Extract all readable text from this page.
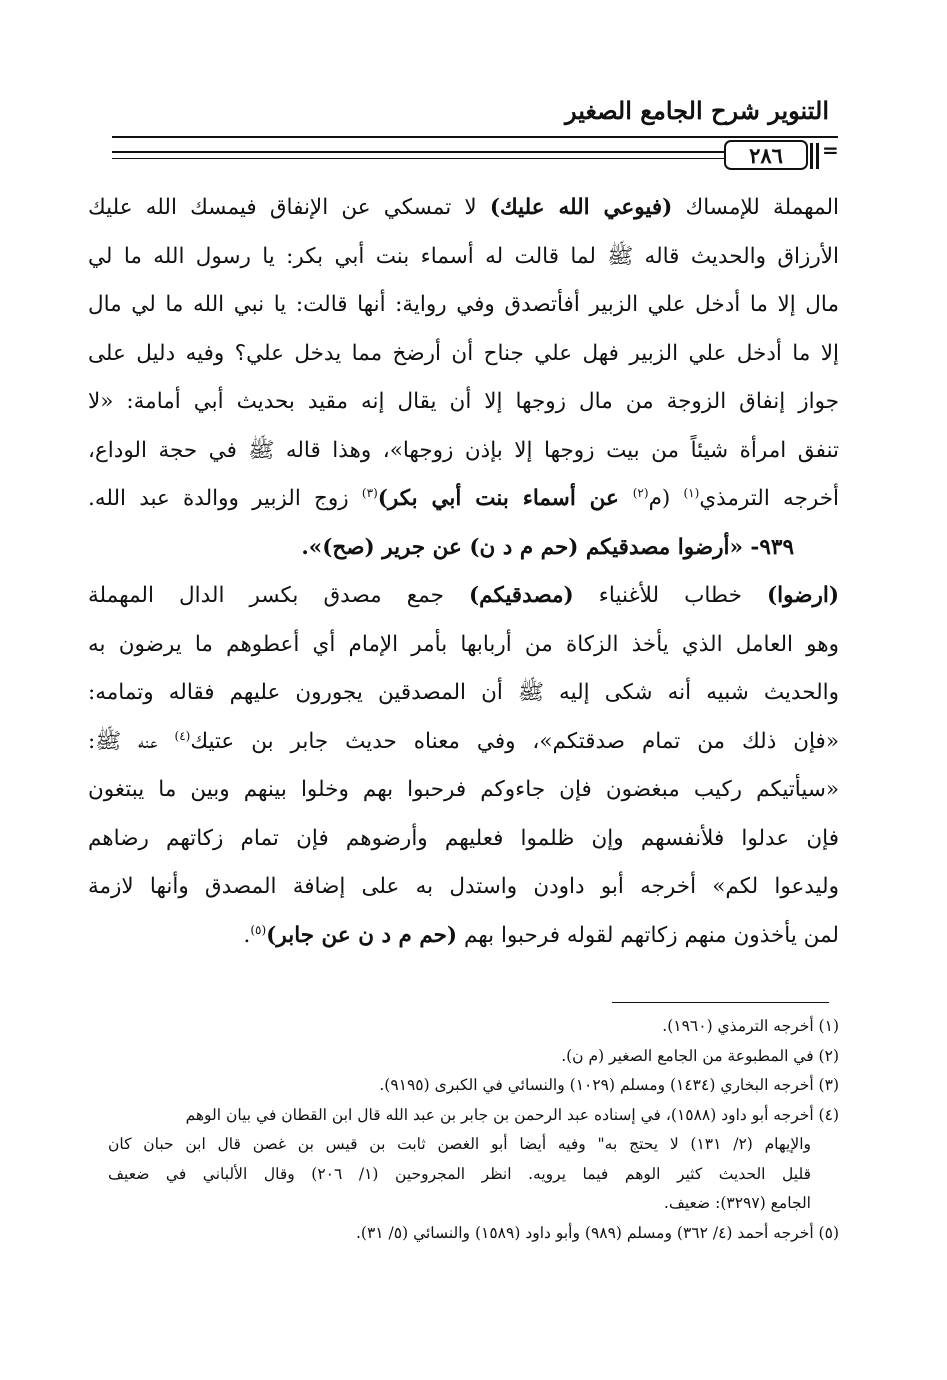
التنوير شرح الجامع الصغير
٢٨٦ =
المهملة للإمساك (فيوعي الله عليك) لا تمسكي عن الإنفاق فيمسك الله عليك
الأرزاق والحديث قاله ﷺ لما قالت له أسماء بنت أبي بكر: يا رسول الله ما لي
مال إلا ما أدخل علي الزبير أفأتصدق وفي رواية: أنها قالت: يا نبي الله ما لي مال
إلا ما أدخل علي الزبير فهل علي جناح أن أرضخ مما يدخل علي؟ وفيه دليل على
جواز إنفاق الزوجة من مال زوجها إلا أن يقال إنه مقيد بحديث أبي أمامة: «لا
تنفق امرأة شيئاً من بيت زوجها إلا بإذن زوجها»، وهذا قاله ﷺ في حجة الوداع،
أخرجه الترمذي$^{(١)}$ (م$^{(٢)}$ عن أسماء بنت أبي بكر)$^{(٣)}$ زوج الزبير ووالدة عبد الله.
٩٣٩- «أرضوا مصدقيكم (حم م د ن) عن جرير (صح)».
(ارضوا) خطاب للأغنياء (مصدقيكم) جمع مصدق بكسر الدال المهملة
وهو العامل الذي يأخذ الزكاة من أربابها بأمر الإمام أي أعطوهم ما يرضون به
والحديث شبيه أنه شكى إليه ﷺ أن المصدقين يجورون عليهم فقاله وتمامه:
«فإن ذلك من تمام صدقتكم»، وفي معناه حديث جابر بن عتيك$^{(٤)}$ عنه ﷺ:
«سيأتيكم ركيب مبغضون فإن جاءوكم فرحبوا بهم وخلوا بينهم وبين ما يبتغون
فإن عدلوا فلأنفسهم وإن ظلموا فعليهم وأرضوهم فإن تمام زكاتهم رضاهم
وليدعوا لكم» أخرجه أبو داودن واستدل به على إضافة المصدق وأنها لازمة
لمن يأخذون منهم زكاتهم لقوله فرحبوا بهم (حم م د ن عن جابر)$^{(٥)}$.
(١) أخرجه الترمذي (١٩٦٠).
(٢) في المطبوعة من الجامع الصغير (م ن).
(٣) أخرجه البخاري (١٤٣٤) ومسلم (١٠٢٩) والنسائي في الكبرى (٩١٩٥).
(٤) أخرجه أبو داود (١٥٨٨)، في إسناده عبد الرحمن بن جابر بن عبد الله قال ابن القطان في بيان الوهم
والإيهام (٢/ ١٣١) لا يحتج به" وفيه أيضا أبو الغصن ثابت بن قيس بن غصن قال ابن حبان كان
قليل الحديث كثير الوهم فيما يرويه. انظر المجروحين (١/ ٢٠٦) وقال الألباني في ضعيف
الجامع (٣٢٩٧): ضعيف.
(٥) أخرجه أحمد (٤/ ٣٦٢) ومسلم (٩٨٩) وأبو داود (١٥٨٩) والنسائي (٥/ ٣١).
